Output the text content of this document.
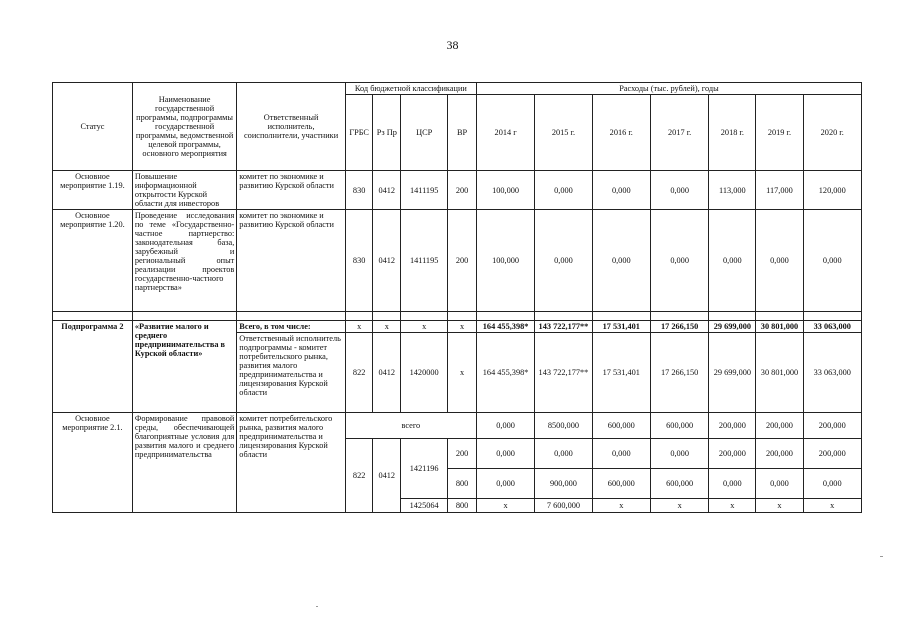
38
Статус	Наименование государственной программы, подпрограммы государственной программы, ведомственной целевой программы, основного мероприятия	Ответственный исполнитель, соисполнители, участники	Код бюджетной классификации				Расходы (тыс. рублей), годы						
			ГРБС	Рз Пр	ЦСР	ВР	2014 г	2015 г.	2016 г.	2017 г.	2018 г.	2019 г.	2020 г.
Основное мероприятие 1.19.	Повышение информационной открытости Курской области для инвесторов	комитет по экономике и развитию Курской области	830	0412	1411195	200	100,000	0,000	0,000	0,000	113,000	117,000	120,000
Основное мероприятие 1.20.	Проведение исследования по теме «Государственно-частное партнерство: законодательная база, зарубежный и региональный опыт реализации проектов государственно-частного партнерства»	комитет по экономике и развитию Курской области	830	0412	1411195	200	100,000	0,000	0,000	0,000	0,000	0,000	0,000

Подпрограмма 2	«Развитие малого и среднего предпринимательства в Курской области»	Всего, в том числе:	x	x	x	x	164 455,398*	143 722,177**	17 531,401	17 266,150	29 699,000	30 801,000	33 063,000
		Ответственный исполнитель подпрограммы - комитет потребительского рынка, развития малого предпринимательства и лицензирования Курской области	822	0412	1420000	x	164 455,398*	143 722,177**	17 531,401	17 266,150	29 699,000	30 801,000	33 063,000
Основное мероприятие 2.1.	Формирование правовой среды, обеспечивающей благоприятные условия для развития малого и среднего предпринимательства	комитет потребительского рынка, развития малого предпринимательства и лицензирования Курской области	всего				0,000	8500,000	600,000	600,000	200,000	200,000	200,000
			822	0412	1421196	200	0,000	0,000	0,000	0,000	200,000	200,000	200,000
						800	0,000	900,000	600,000	600,000	0,000	0,000	0,000
					1425064	800	x	7 600,000	x	x	x	x	x
